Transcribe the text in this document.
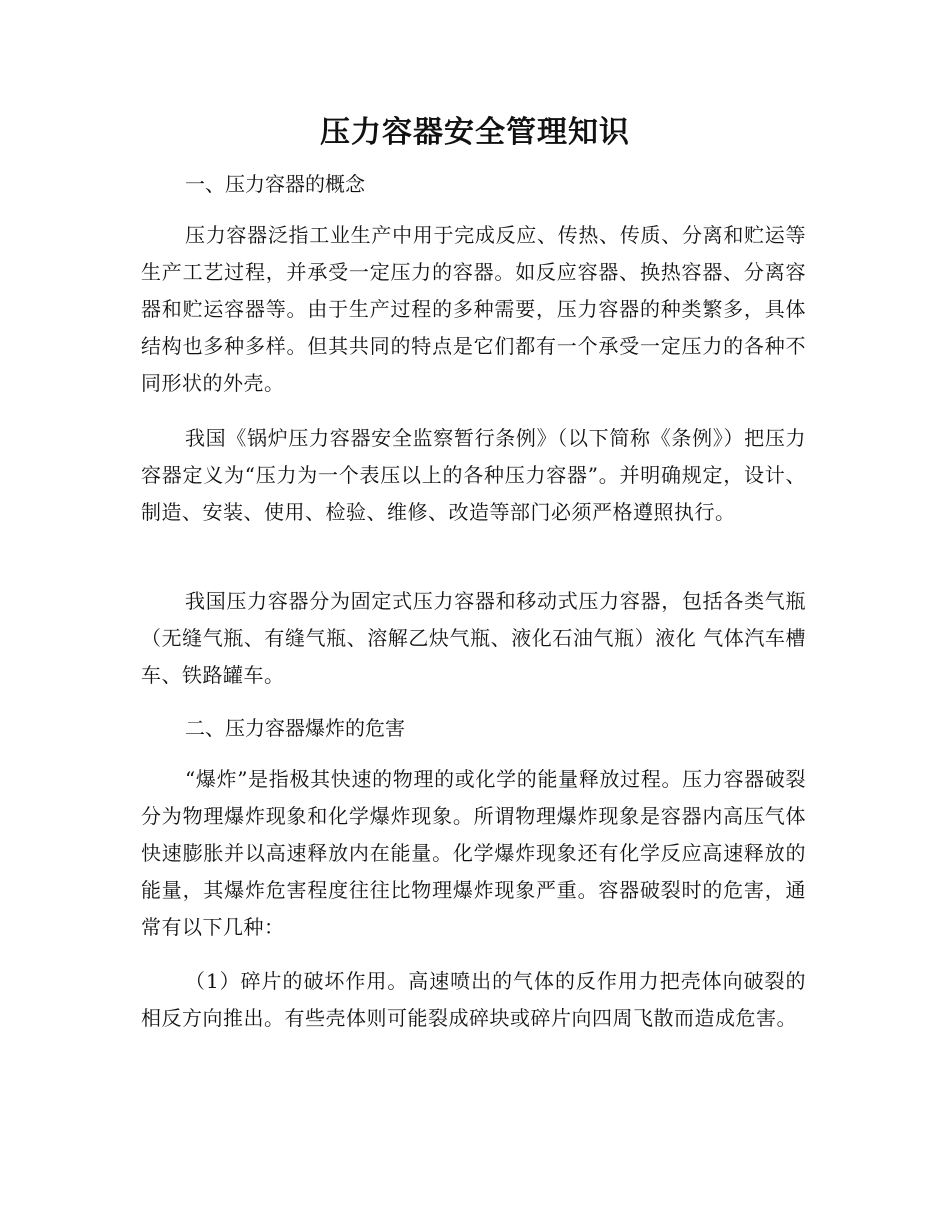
压力容器安全管理知识

一、压力容器的概念

压力容器泛指工业生产中用于完成反应、传热、传质、分离和贮运等生产工艺过程，并承受一定压力的容器。如反应容器、换热容器、分离容器和贮运容器等。由于生产过程的多种需要，压力容器的种类繁多，具体结构也多种多样。但其共同的特点是它们都有一个承受一定压力的各种不同形状的外壳。

我国《锅炉压力容器安全监察暂行条例》（以下简称《条例》）把压力容器定义为“压力为一个表压以上的各种压力容器”。并明确规定，设计、制造、安装、使用、检验、维修、改造等部门必须严格遵照执行。

我国压力容器分为固定式压力容器和移动式压力容器，包括各类气瓶（无缝气瓶、有缝气瓶、溶解乙炔气瓶、液化石油气瓶）液化 气体汽车槽车、铁路罐车。

二、压力容器爆炸的危害

“爆炸”是指极其快速的物理的或化学的能量释放过程。压力容器破裂分为物理爆炸现象和化学爆炸现象。所谓物理爆炸现象是容器内高压气体快速膨胀并以高速释放内在能量。化学爆炸现象还有化学反应高速释放的能量，其爆炸危害程度往往比物理爆炸现象严重。容器破裂时的危害，通常有以下几种：

（1）碎片的破坏作用。高速喷出的气体的反作用力把壳体向破裂的相反方向推出。有些壳体则可能裂成碎块或碎片向四周飞散而造成危害。
